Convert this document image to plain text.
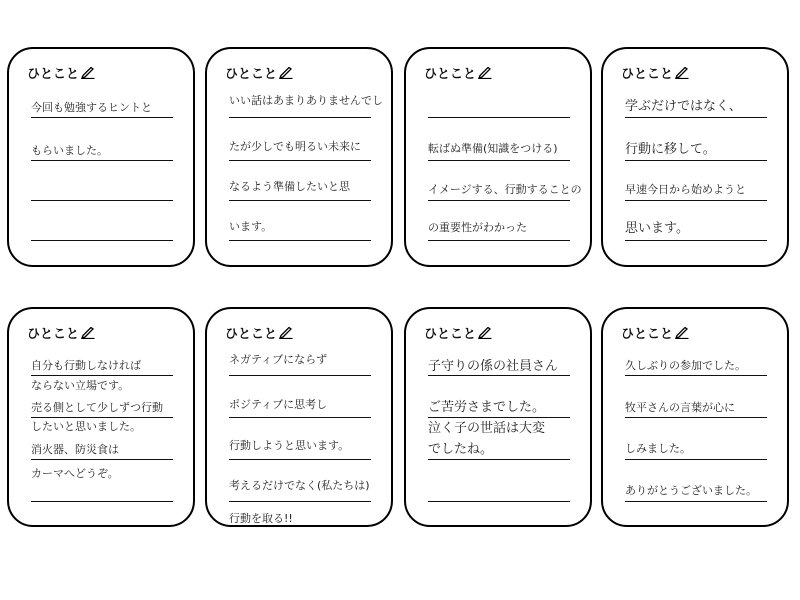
ひとこと
今回も勉強するヒントと
もらいました。
ひとこと
いい話はあまりありませんでし
たが少しでも明るい未来に
なるよう準備したいと思
います。
ひとこと
転ばぬ準備(知識をつける)
イメージする、行動することの
の重要性がわかった
ひとこと
学ぶだけではなく、
行動に移して。
早速今日から始めようと
思います。
ひとこと
自分も行動しなければ
ならない立場です。
売る側として少しずつ行動
したいと思いました。
消火器、防災食は
カーマへどうぞ。
ひとこと
ネガティブにならず
ポジティブに思考し
行動しようと思います。
考えるだけでなく(私たちは)
行動を取る!!
ひとこと
子守りの係の社員さん
ご苦労さまでした。
泣く子の世話は大変
でしたね。
ひとこと
久しぶりの参加でした。
牧平さんの言葉が心に
しみました。
ありがとうございました。
